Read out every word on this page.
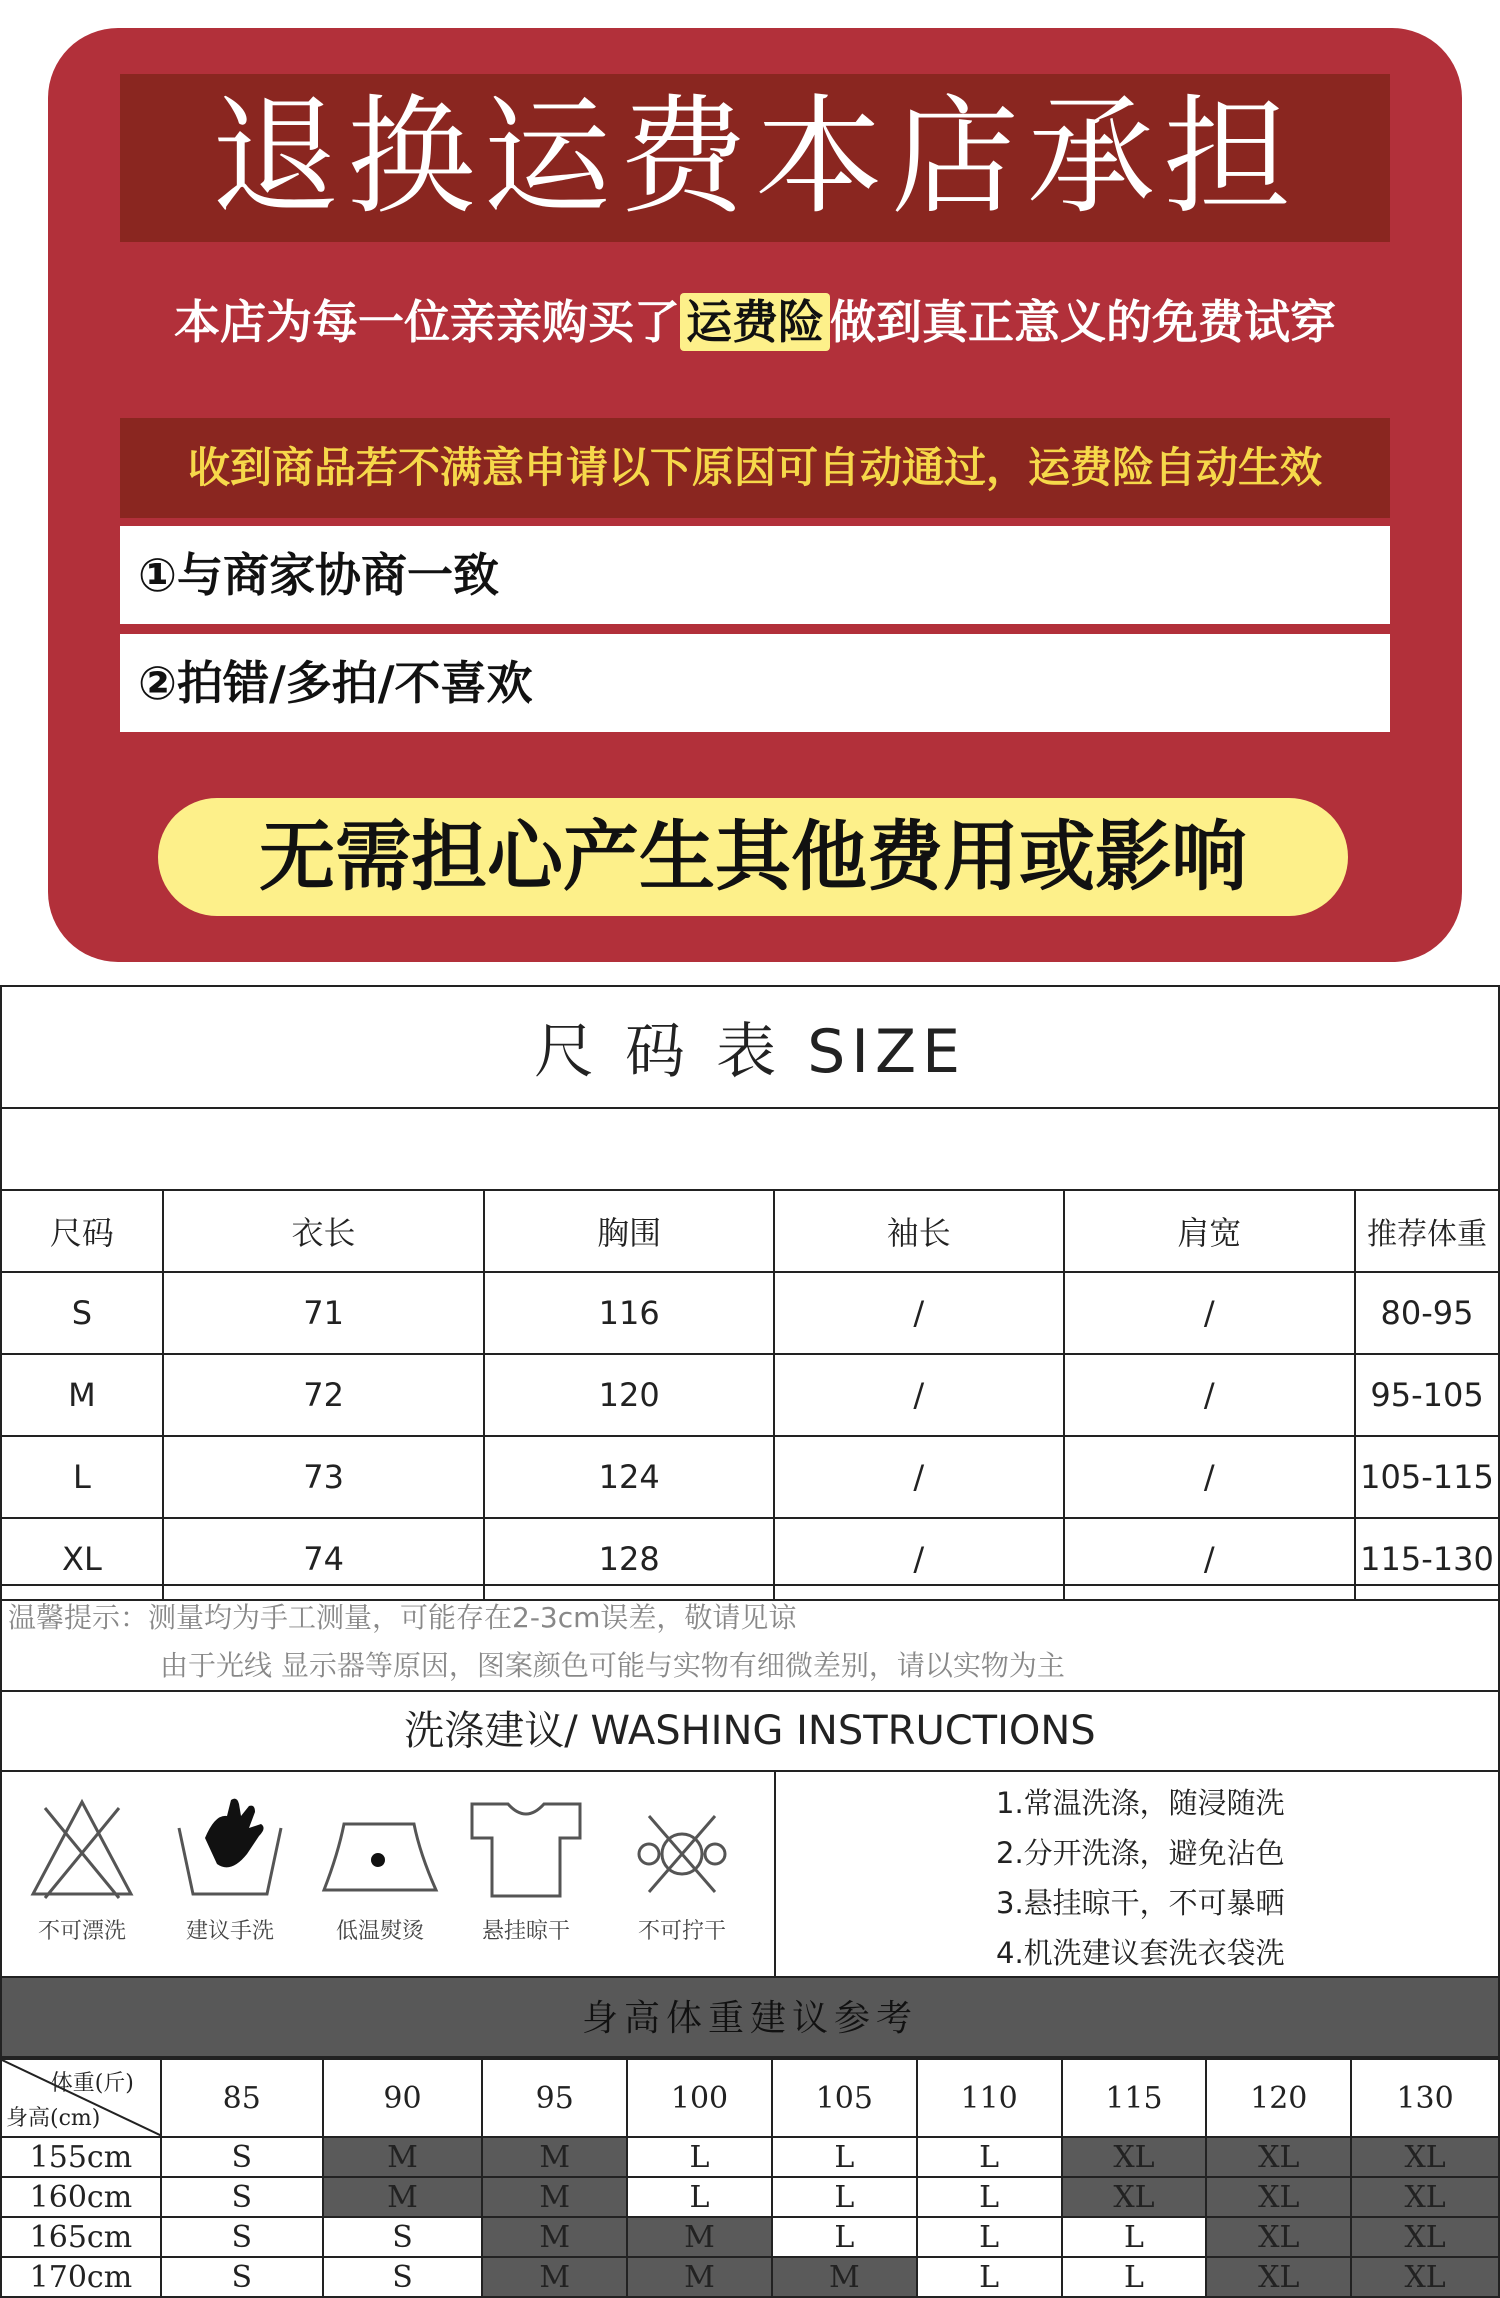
退换运费本店承担
本店为每一位亲亲购买了 运费险 做到真正意义的免费试穿
收到商品若不满意申请以下原因可自动通过，运费险自动生效
①与商家协商一致
②拍错/多拍/不喜欢
无需担心产生其他费用或影响
尺 码 表 SIZE					

尺码	衣长	胸围	袖长	肩宽	推荐体重
S	71	116	/	/	80-95
M	72	120	/	/	95-105
L	73	124	/	/	105-115
XL	74	128	/	/	115-130
温馨提示：测量均为手工测量，可能存在2-3cm误差，敬请见谅
由于光线 显示器等原因，图案颜色可能与实物有细微差别，请以实物为主
洗涤建议/ WASHING INSTRUCTIONS
不可漂洗	建议手洗	低温熨烫	悬挂晾干	不可拧干
1.常温洗涤，随浸随洗
2.分开洗涤，避免沾色
3.悬挂晾干，不可暴晒
4.机洗建议套洗衣袋洗
身高体重建议参考
体重(斤)
身高(cm)	85	90	95	100	105	110	115	120	130
155cm	S	M	M	L	L	L	XL	XL	XL
160cm	S	M	M	L	L	L	XL	XL	XL
165cm	S	S	M	M	L	L	L	XL	XL
170cm	S	S	M	M	M	L	L	XL	XL
